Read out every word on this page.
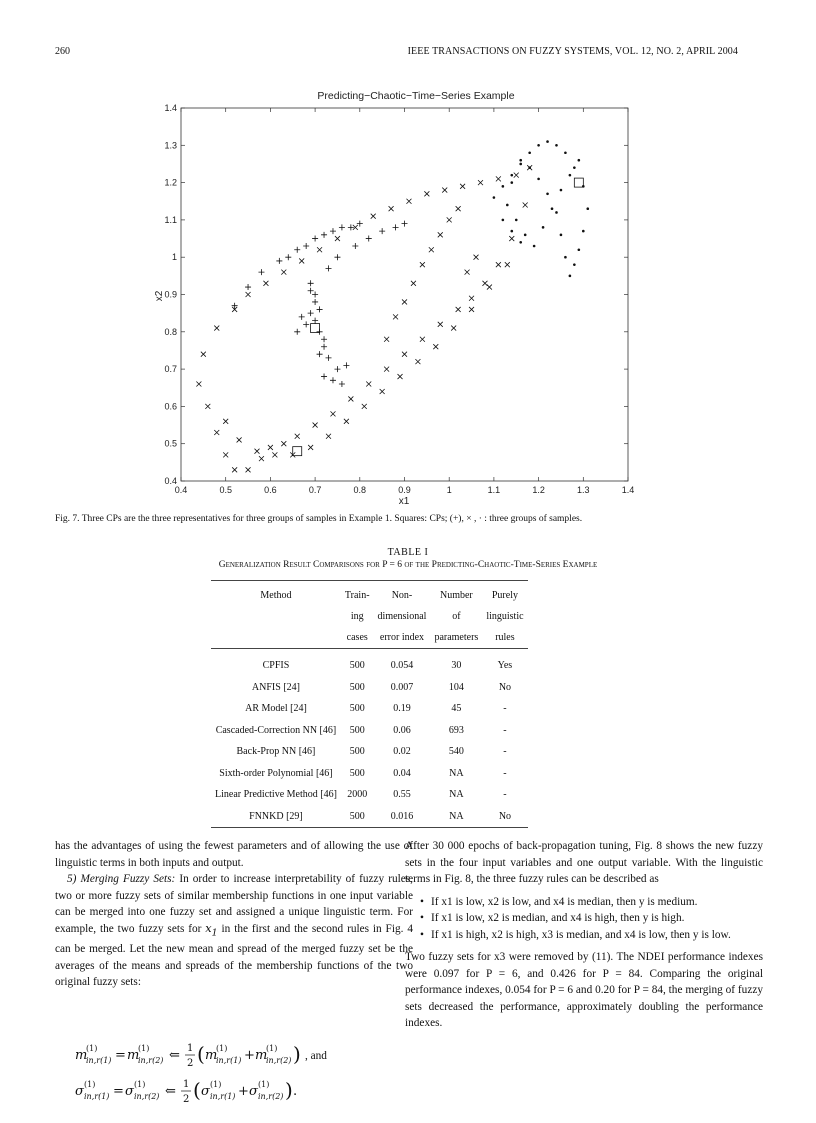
260	IEEE TRANSACTIONS ON FUZZY SYSTEMS, VOL. 12, NO. 2, APRIL 2004
Predicting−Chaotic−Time−Series Example
0.4	0.5	0.6	0.7	0.8	0.9	1	1.1	1.2	1.3	1.4
0.4
0.5
0.6
0.7
0.8
0.9
1
1.1
1.2
1.3
1.4
x1
x2
Fig. 7. Three CPs are the three representatives for three groups of samples in Example 1. Squares: CPs; (+), × , · : three groups of samples.
TABLE I
Generalization Result Comparisons for P = 6 of the Predicting-Chaotic-Time-Series Example
Method	Train-	Non-	Number	Purely
	ing	dimensional	of	linguistic
	cases	error index	parameters	rules
CPFIS	500	0.054	30	Yes
ANFIS [24]	500	0.007	104	No
AR Model [24]	500	0.19	45	-
Cascaded-Correction NN [46]	500	0.06	693	-
Back-Prop NN [46]	500	0.02	540	-
Sixth-order Polynomial [46]	500	0.04	NA	-
Linear Predictive Method [46]	2000	0.55	NA	-
FNNKD [29]	500	0.016	NA	No

has the advantages of using the fewest parameters and of allowing the use of linguistic terms in both inputs and output.

5) Merging Fuzzy Sets: In order to increase interpretability of fuzzy rules, two or more fuzzy sets of similar membership functions in one input variable can be merged into one fuzzy set and assigned a unique linguistic term. For example, the two fuzzy sets for $x_1$ in the first and the second rules in Fig. 4 can be merged. Let the new mean and spread of the merged fuzzy set be the averages of the means and spreads of the membership functions of the two original fuzzy sets:

m
(1)
in,r(1) = m
(1)
in,r(2) ⇐ 1
2 ( m
(1)
in,r(1) + m
(1)
in,r(2) )
σ (1)
in,r(1) = σ (1)
in,r(2) ⇐ 1
2 ( σ (1)
in,r(1) + σ (1)
in,r(2) ) .
, and

After 30 000 epochs of back-propagation tuning, Fig. 8 shows the new fuzzy sets in the four input variables and one output variable. With the linguistic terms in Fig. 8, the three fuzzy rules can be described as

• If x1 is low, x2 is low, and x4 is median, then y is medium.
• If x1 is low, x2 is median, and x4 is high, then y is high.
• If x1 is high, x2 is high, x3 is median, and x4 is low, then y is low.

Two fuzzy sets for x3 were removed by (11). The NDEI performance indexes were 0.097 for P = 6, and 0.426 for P = 84. Comparing the original performance indexes, 0.054 for P = 6 and 0.20 for P = 84, the merging of fuzzy sets decreased the performance, approximately doubling the performance indexes.
